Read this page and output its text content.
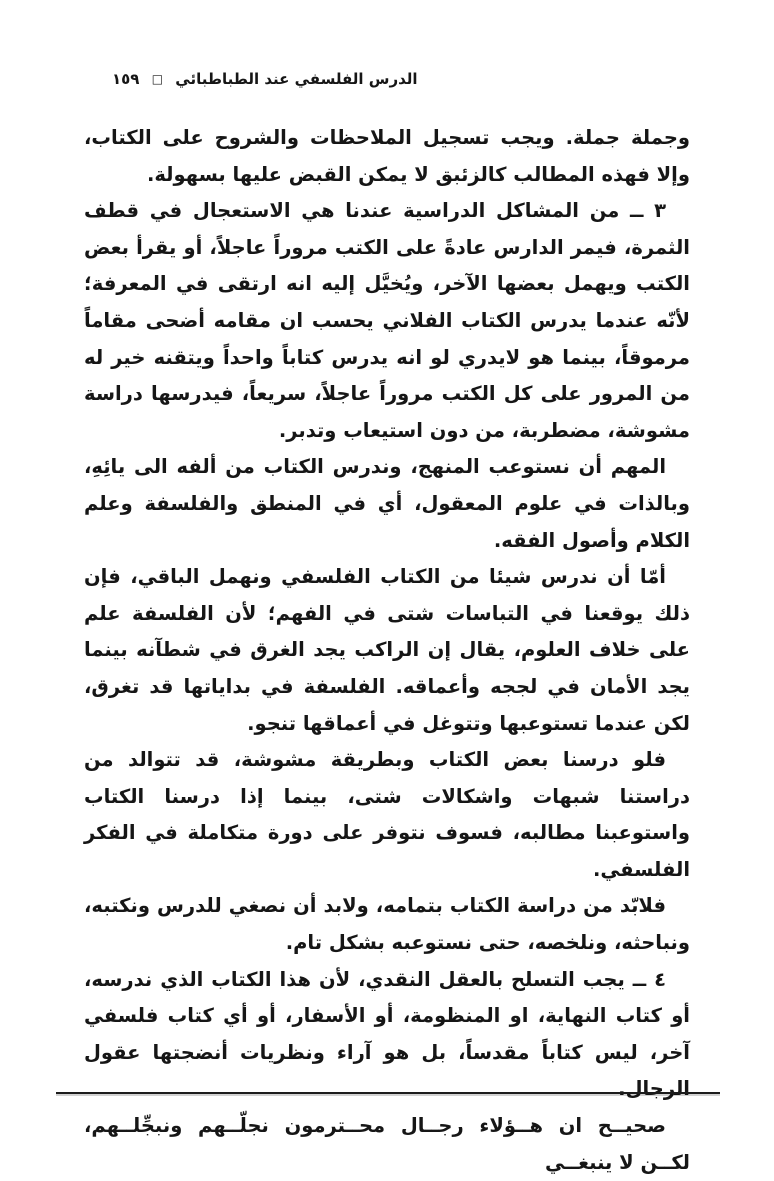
الدرس الفلسفي عند الطباطبائي □ ١٥٩

وجملة جملة. ويجب تسجيل الملاحظات والشروح على الكتاب، وإلا فهذه المطالب كالزئبق لا يمكن القبض عليها بسهولة.

٣ ــ من المشاكل الدراسية عندنا هي الاستعجال في قطف الثمرة، فيمر الدارس عادةً على الكتب مروراً عاجلاً، أو يقرأ بعض الكتب ويهمل بعضها الآخر، ويُخيَّل إليه انه ارتقى في المعرفة؛ لأنّه عندما يدرس الكتاب الفلاني يحسب ان مقامه أضحى مقاماً مرموقاً، بينما هو لايدري لو انه يدرس كتاباً واحداً ويتقنه خير له من المرور على كل الكتب مروراً عاجلاً، سريعاً، فيدرسها دراسة مشوشة، مضطربة، من دون استيعاب وتدبر.

المهم أن نستوعب المنهج، وندرس الكتاب من ألفه الى يائِهِ، وبالذات في علوم المعقول، أي في المنطق والفلسفة وعلم الكلام وأصول الفقه.

أمّا أن ندرس شيئا من الكتاب الفلسفي ونهمل الباقي، فإن ذلك يوقعنا في التباسات شتى في الفهم؛ لأن الفلسفة علم على خلاف العلوم، يقال إن الراكب يجد الغرق في شطآنه بينما يجد الأمان في لججه وأعماقه. الفلسفة في بداياتها قد تغرق، لكن عندما تستوعبها وتتوغل في أعماقها تنجو.

فلو درسنا بعض الكتاب وبطريقة مشوشة، قد تتوالد من دراستنا شبهات واشكالات شتى، بينما إذا درسنا الكتاب واستوعبنا مطالبه، فسوف نتوفر على دورة متكاملة في الفكر الفلسفي.

فلابّد من دراسة الكتاب بتمامه، ولابد أن نصغي للدرس ونكتبه، ونباحثه، ونلخصه، حتى نستوعبه بشكل تام.

٤ ــ يجب التسلح بالعقل النقدي، لأن هذا الكتاب الذي ندرسه، أو كتاب النهاية، او المنظومة، أو الأسفار، أو أي كتاب فلسفي آخر، ليس كتاباً مقدساً، بل هو آراء ونظريات أنضجتها عقول الرجال.

صحيــح ان هــؤلاء رجــال محــترمون نجلّــهم ونبجِّلــهم، لكــن لا ينبغــي
